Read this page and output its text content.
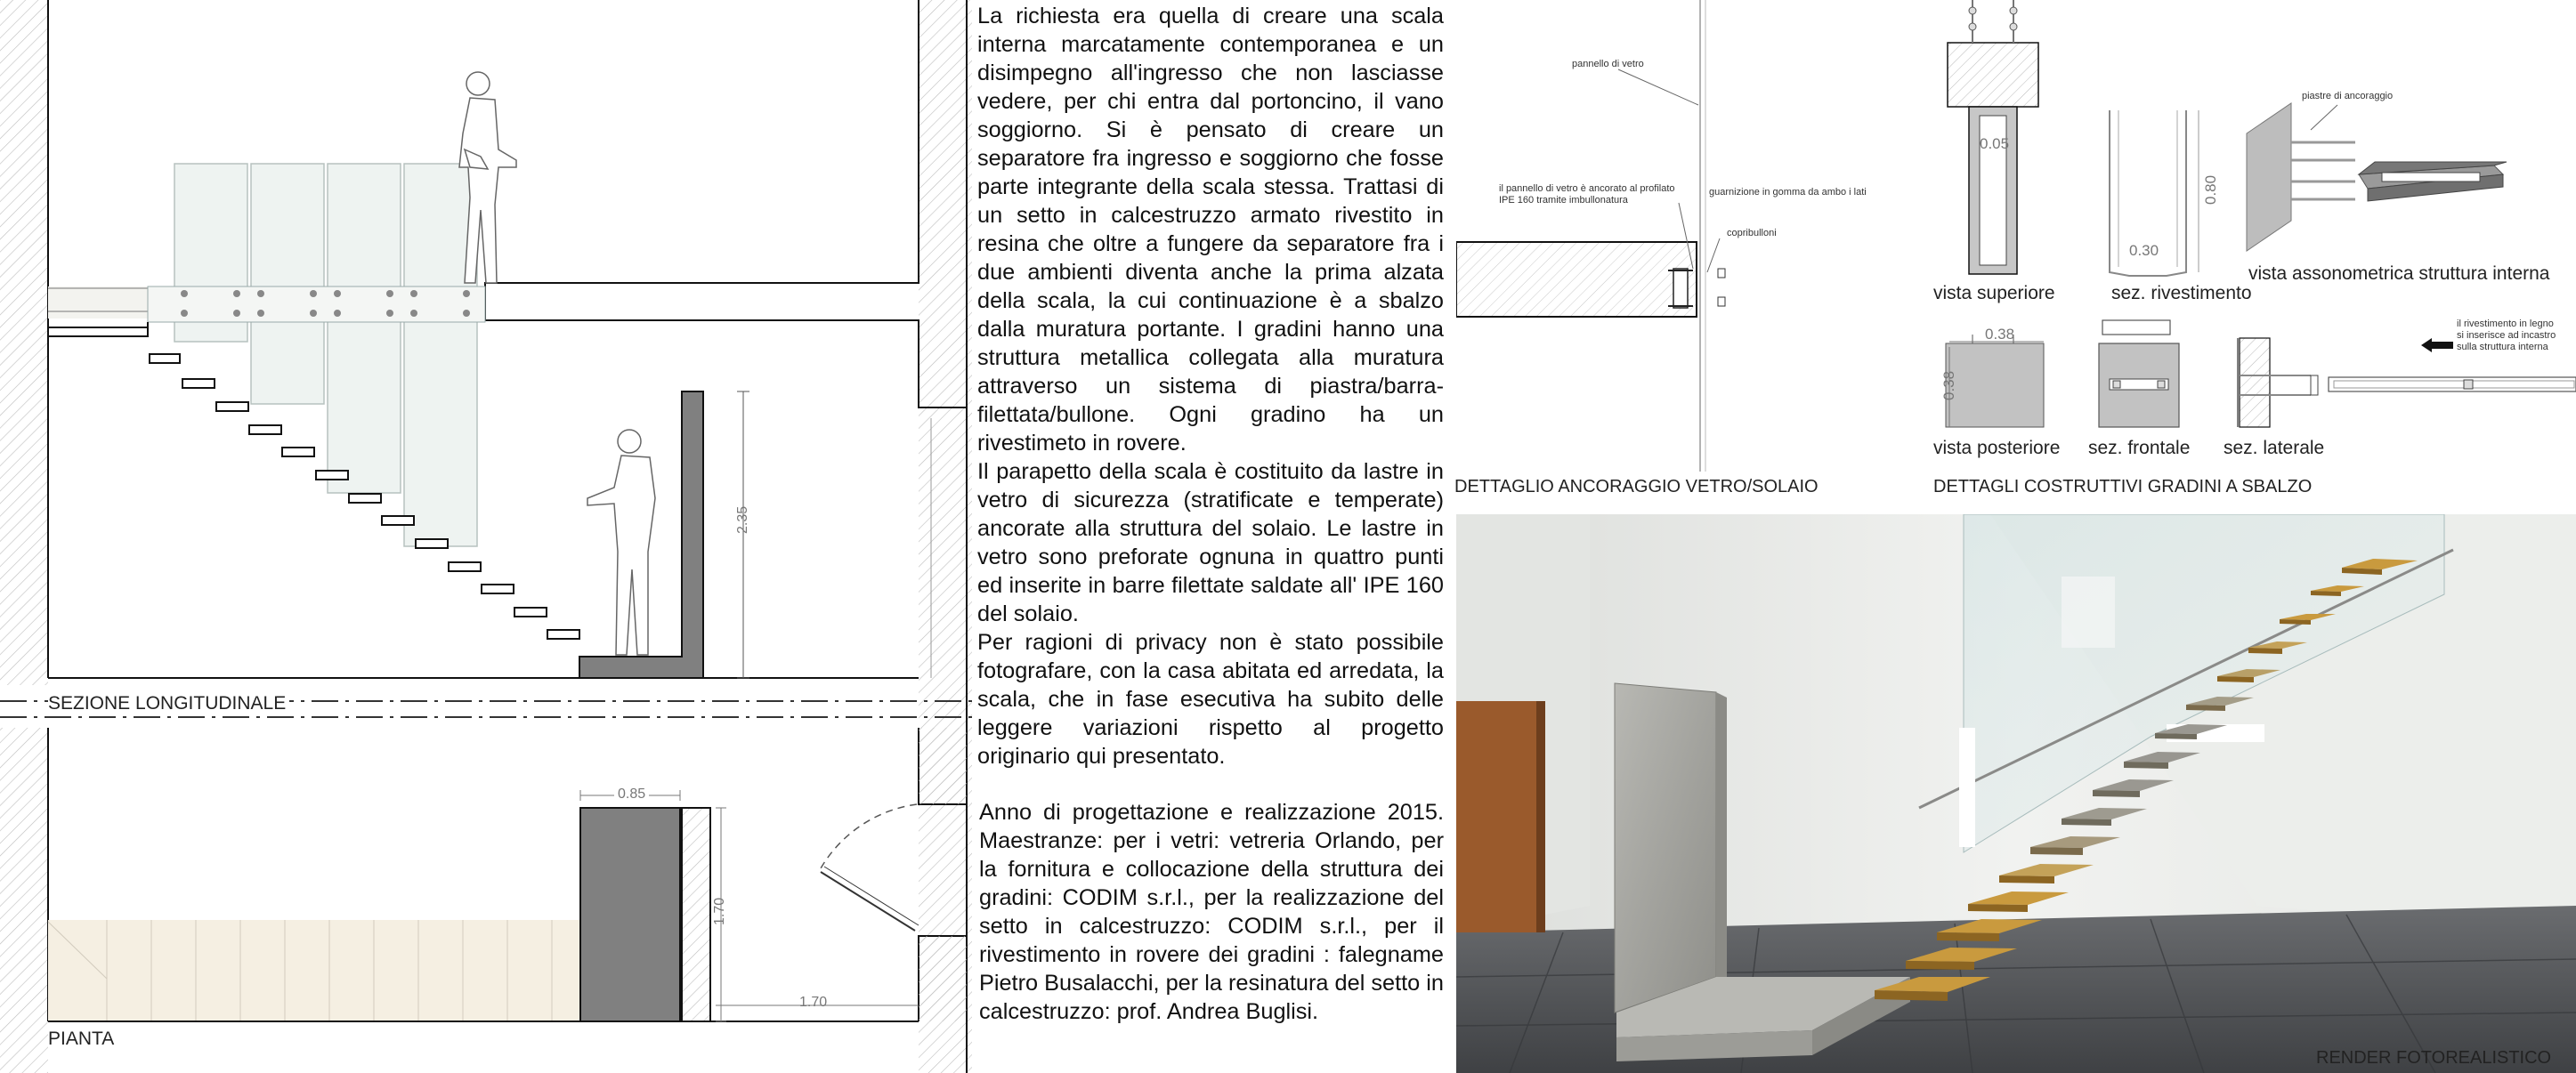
SEZIONE LONGITUDINALE
PIANTA
2.35
0.85
1.70
1.70

La richiesta era quella di creare una scala interna marcatamente contemporanea e un disimpegno all'ingresso che non lasciasse vedere, per chi entra dal portoncino, il vano soggiorno. Si è pensato di creare un separatore fra ingresso e soggiorno che fosse parte integrante della scala stessa. Trattasi di un setto in calcestruzzo armato rivestito in resina che oltre a fungere da separatore fra i due ambienti diventa anche la prima alzata della scala, la cui continuazione è a sbalzo dalla muratura portante. I gradini hanno una struttura metallica collegata alla muratura attraverso un sistema di piastra/barra-filettata/bullone. Ogni gradino ha un rivestimeto in rovere.

Il parapetto della scala è costituito da lastre in vetro di sicurezza (stratificate e temperate) ancorate alla struttura del solaio. Le lastre in vetro sono preforate ognuna in quattro punti ed inserite in barre filettate saldate all' IPE 160 del solaio.

Per ragioni di privacy non è stato possibile fotografare, con la casa abitata ed arredata, la scala, che in fase esecutiva ha subito delle leggere variazioni rispetto al progetto originario qui presentato.

Anno di progettazione e realizzazione 2015. Maestranze: per i vetri: vetreria Orlando, per la fornitura e collocazione della struttura dei gradini: CODIM s.r.l., per la realizzazione del setto in calcestruzzo: CODIM s.r.l., per il rivestimento in rovere dei gradini : falegname Pietro Busalacchi, per la resinatura del setto in calcestruzzo: prof. Andrea Buglisi.

pannello di vetro
il pannello di vetro è ancorato al profilato IPE 160 tramite imbullonatura
guarnizione in gomma da ambo i lati
copribulloni
DETTAGLIO ANCORAGGIO VETRO/SOLAIO
0.05
0.80
0.30
0.38
0.38
vista superiore	sez. rivestimento
vista assonometrica struttura interna
piastre di ancoraggio
il rivestimento in legno si inserisce ad incastro sulla struttura interna
vista posteriore sez. frontale sez. laterale
DETTAGLI COSTRUTTIVI GRADINI A SBALZO
RENDER FOTOREALISTICO
